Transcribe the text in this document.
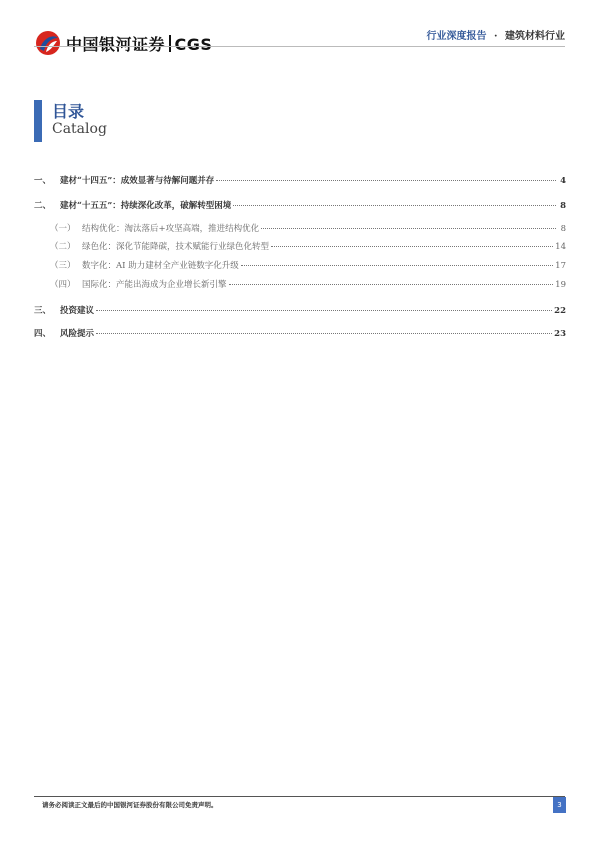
中国银河证券 CGS	行业深度报告 · 建筑材料行业
目录
Catalog
一、	建材“十四五”：成效显著与待解问题并存	4
二、	建材“十五五”：持续深化改革，破解转型困境	8
（一） 结构优化：淘汰落后+攻坚高端，推进结构优化	8
（二） 绿色化：深化节能降碳，技术赋能行业绿色化转型	14
（三） 数字化：AI 助力建材全产业链数字化升级	17
（四） 国际化：产能出海成为企业增长新引擎	19
三、	投资建议	22
四、	风险提示	23
请务必阅读正文最后的中国银河证券股份有限公司免责声明。	3
